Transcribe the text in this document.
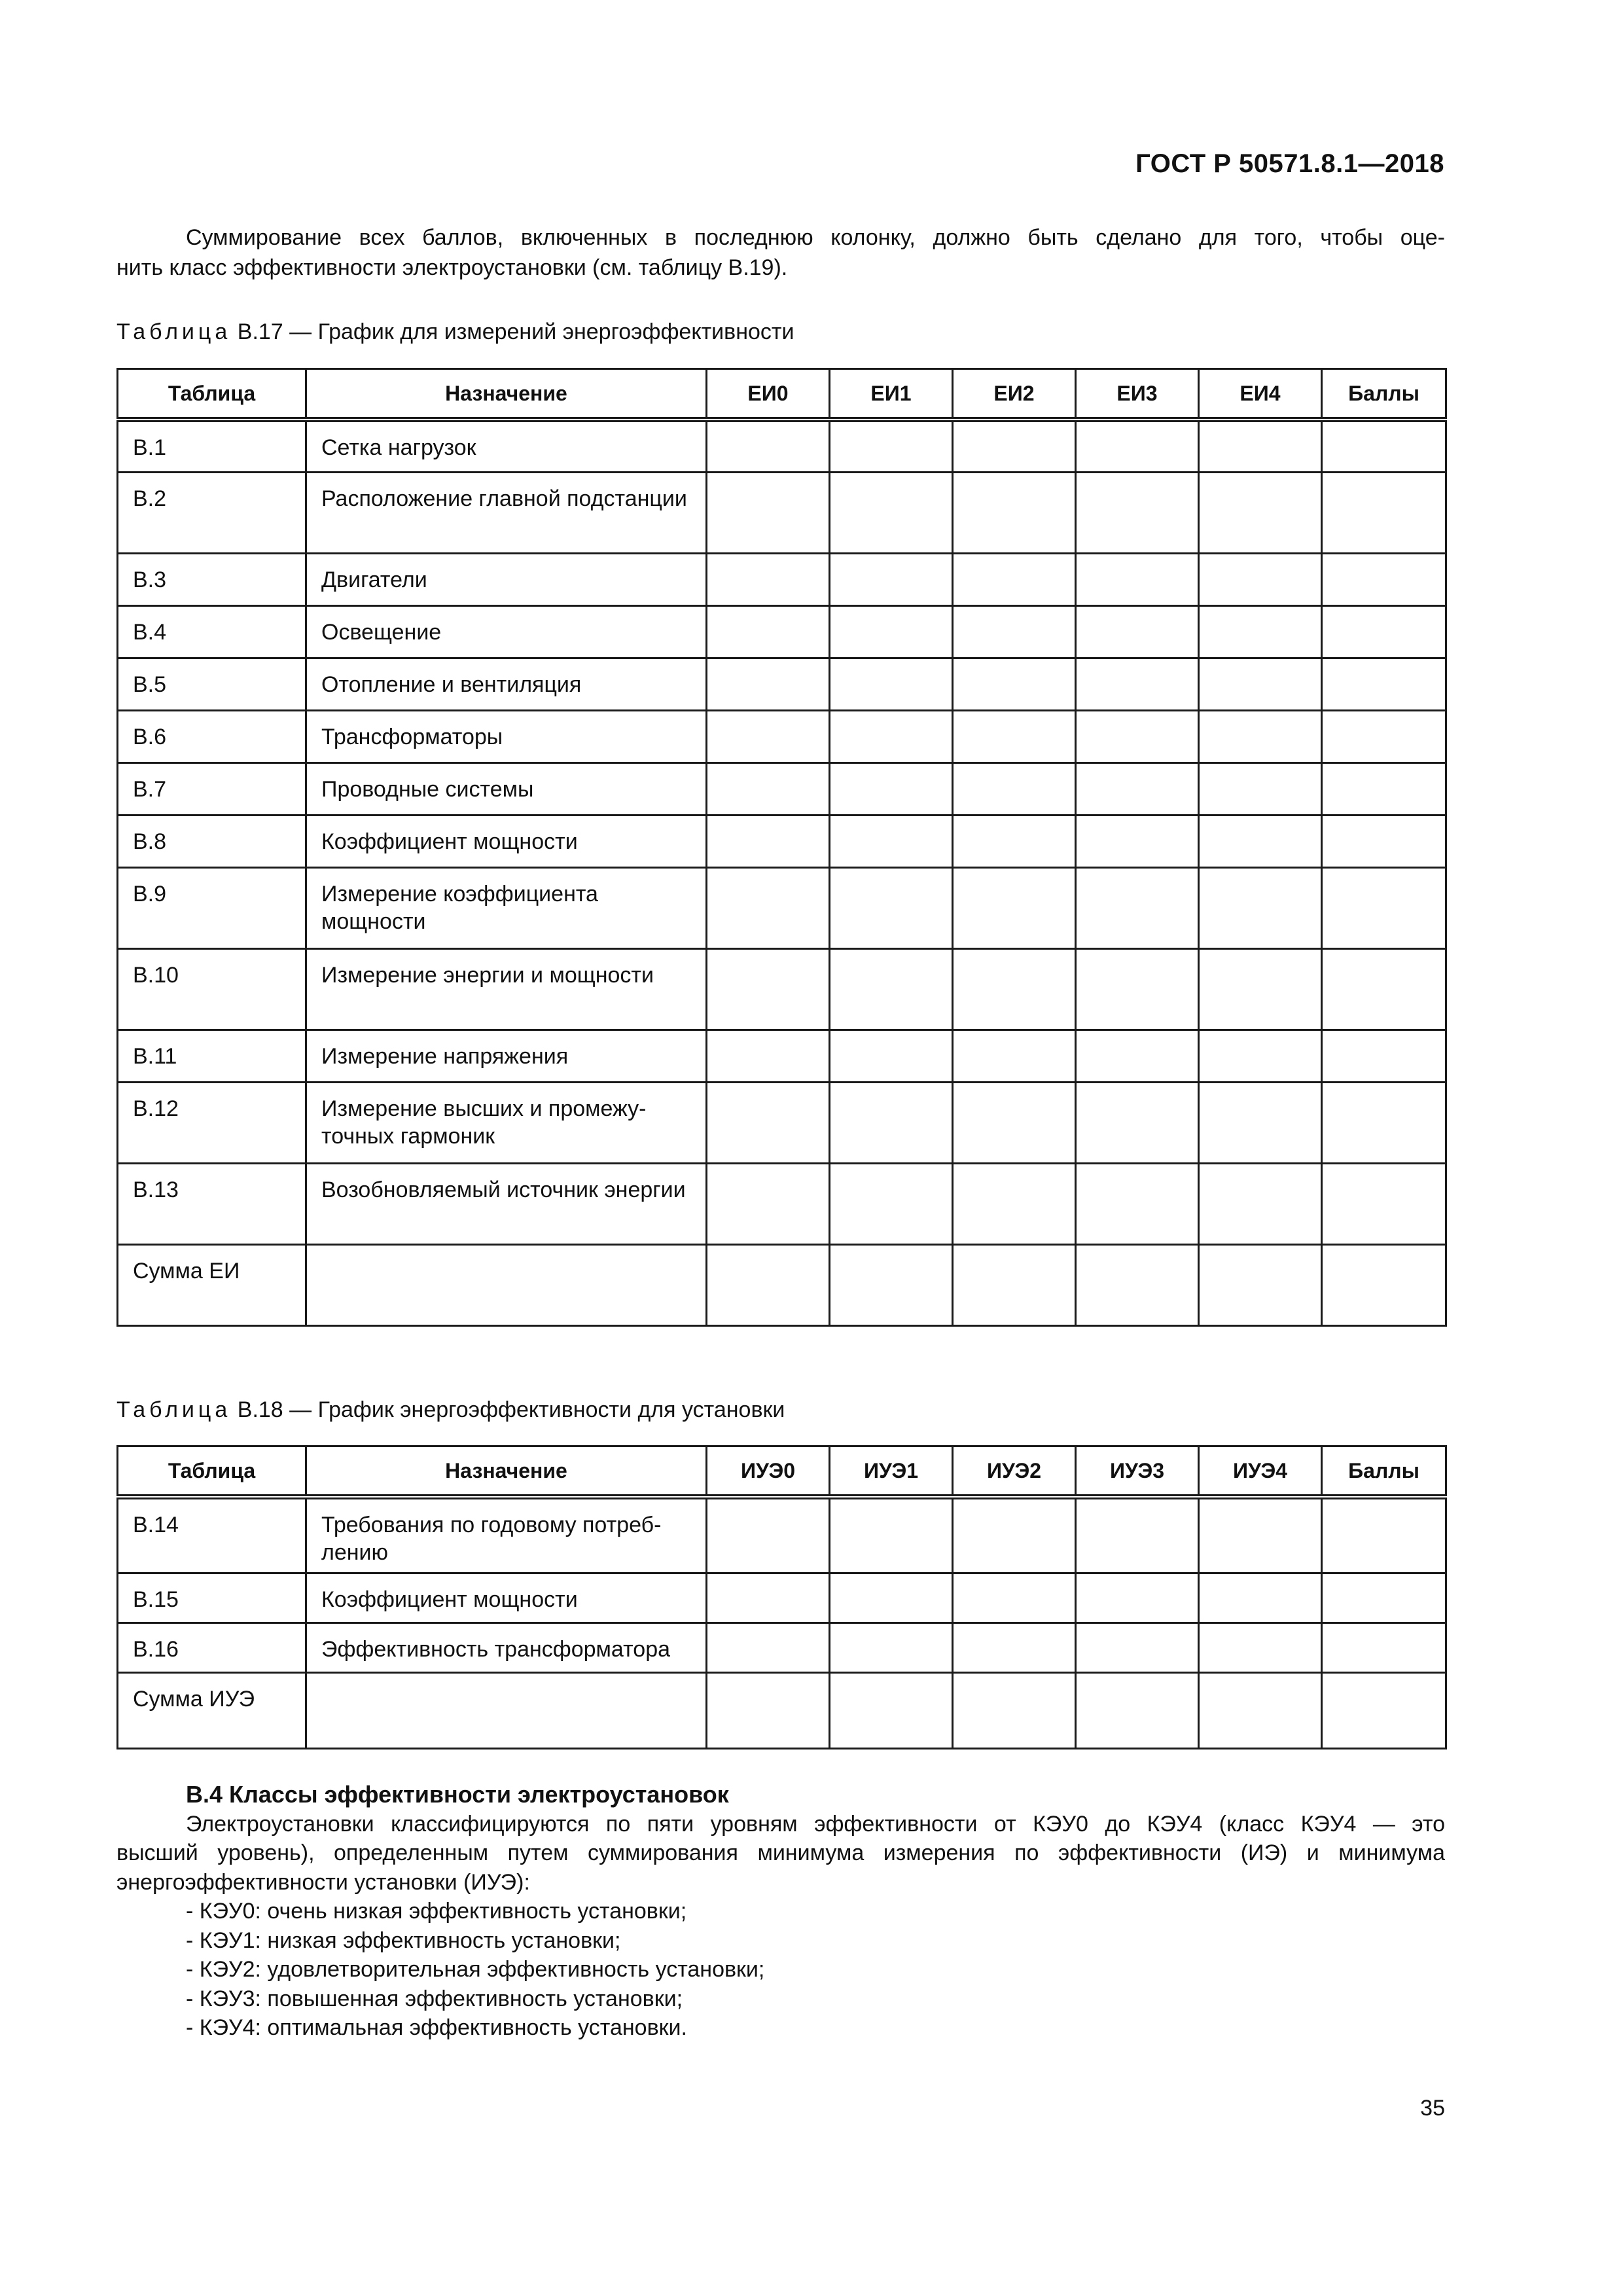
ГОСТ Р 50571.8.1—2018
Суммирование всех баллов, включенных в последнюю колонку, должно быть сделано для того, чтобы оце-
нить класс эффективности электроустановки (см. таблицу В.19).
Таблица В.17 — График для измерений энергоэффективности
Таблица	Назначение	ЕИ0	ЕИ1	ЕИ2	ЕИ3	ЕИ4	Баллы
В.1	Сетка нагрузок						
В.2	Расположение главной подстанции						
В.3	Двигатели						
В.4	Освещение						
В.5	Отопление и вентиляция						
В.6	Трансформаторы						
В.7	Проводные системы						
В.8	Коэффициент мощности						
В.9	Измерение коэффициента мощности						
В.10	Измерение энергии и мощности						
В.11	Измерение напряжения						
В.12	Измерение высших и промежу-точных гармоник						
В.13	Возобновляемый источник энергии						
Сумма ЕИ							
Таблица В.18 — График энергоэффективности для установки
Таблица	Назначение	ИУЭ0	ИУЭ1	ИУЭ2	ИУЭ3	ИУЭ4	Баллы
В.14	Требования по годовому потреб-лению						
В.15	Коэффициент мощности						
В.16	Эффективность трансформатора						
Сумма ИУЭ							
В.4 Классы эффективности электроустановок
Электроустановки классифицируются по пяти уровням эффективности от КЭУ0 до КЭУ4 (класс КЭУ4 — это
высший уровень), определенным путем суммирования минимума измерения по эффективности (ИЭ) и минимума
энергоэффективности установки (ИУЭ):
- КЭУ0: очень низкая эффективность установки;
- КЭУ1: низкая эффективность установки;
- КЭУ2: удовлетворительная эффективность установки;
- КЭУ3: повышенная эффективность установки;
- КЭУ4: оптимальная эффективность установки.
35
